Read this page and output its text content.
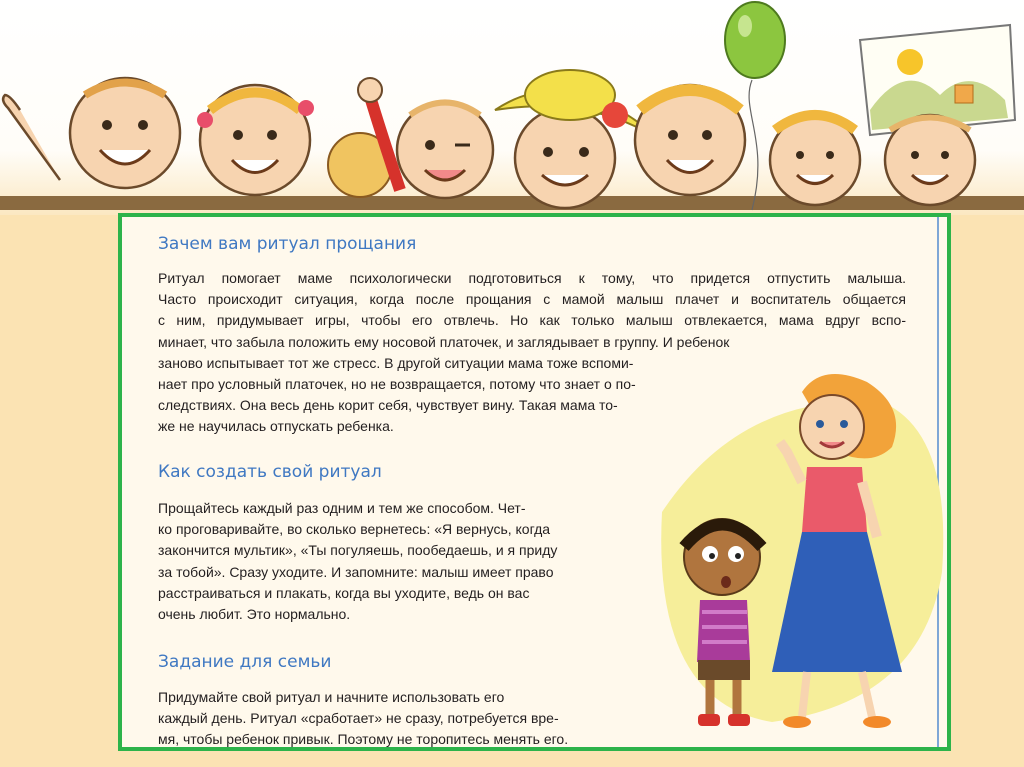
Зачем вам ритуал прощания
Ритуал помогает маме психологически подготовиться к тому, что придется отпустить малыша.
Часто происходит ситуация, когда после прощания с мамой малыш плачет и воспитатель общается
с ним, придумывает игры, чтобы его отвлечь. Но как только малыш отвлекается, мама вдруг вспо-
минает, что забыла положить ему носовой платочек, и заглядывает в группу. И ребенок
заново испытывает тот же стресс. В другой ситуации мама тоже вспоми-
нает про условный платочек, но не возвращается, потому что знает о по-
следствиях. Она весь день корит себя, чувствует вину. Такая мама то-
же не научилась отпускать ребенка.
Как создать свой ритуал
Прощайтесь каждый раз одним и тем же способом. Чет-
ко проговаривайте, во сколько вернетесь: «Я вернусь, когда
закончится мультик», «Ты погуляешь, пообедаешь, и я приду
за тобой». Сразу уходите. И запомните: малыш имеет право
расстраиваться и плакать, когда вы уходите, ведь он вас
очень любит. Это нормально.
Задание для семьи
Придумайте свой ритуал и начните использовать его
каждый день. Ритуал «сработает» не сразу, потребуется вре-
мя, чтобы ребенок привык. Поэтому не торопитесь менять его.
